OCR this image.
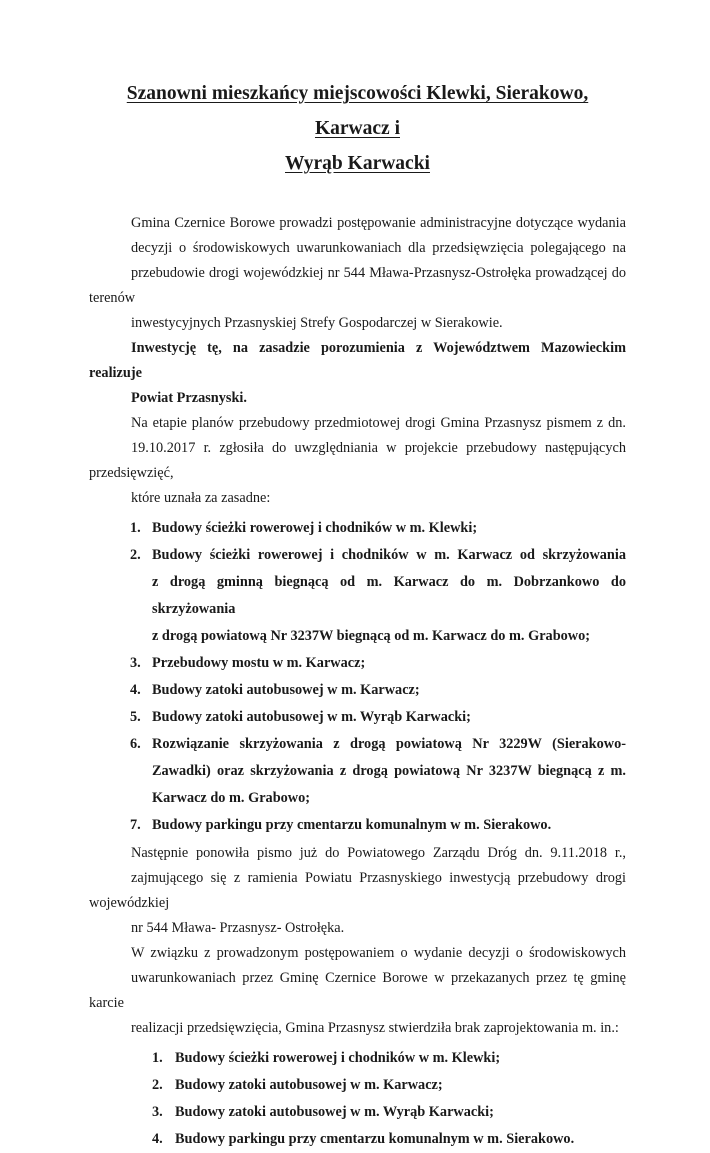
Szanowni mieszkańcy miejscowości Klewki, Sierakowo, Karwacz i
Wyrąb Karwacki

Gmina Czernice Borowe prowadzi postępowanie administracyjne dotyczące wydania
decyzji o środowiskowych uwarunkowaniach dla przedsięwzięcia polegającego na
przebudowie drogi wojewódzkiej nr 544 Mława-Przasnysz-Ostrołęka prowadzącej do terenów
inwestycyjnych Przasnyskiej Strefy Gospodarczej w Sierakowie.

Inwestycję tę, na zasadzie porozumienia z Województwem Mazowieckim realizuje
Powiat Przasnyski.

Na etapie planów przebudowy przedmiotowej drogi Gmina Przasnysz pismem z dn.
19.10.2017 r. zgłosiła do uwzględniania w projekcie przebudowy następujących przedsięwzięć,
które uznała za zasadne:

1. Budowy ścieżki rowerowej i chodników w m. Klewki;
2. Budowy ścieżki rowerowej i chodników w m. Karwacz od skrzyżowania
z drogą gminną biegnącą od m. Karwacz do m. Dobrzankowo do skrzyżowania
z drogą powiatową Nr 3237W biegnącą od m. Karwacz do m. Grabowo;
3. Przebudowy mostu w m. Karwacz;
4. Budowy zatoki autobusowej w m. Karwacz;
5. Budowy zatoki autobusowej w m. Wyrąb Karwacki;
6. Rozwiązanie skrzyżowania z drogą powiatową Nr 3229W (Sierakowo-
Zawadki) oraz skrzyżowania z drogą powiatową Nr 3237W biegnącą z m.
Karwacz do m. Grabowo;
7. Budowy parkingu przy cmentarzu komunalnym w m. Sierakowo.

Następnie ponowiła pismo już do Powiatowego Zarządu Dróg dn. 9.11.2018 r.,
zajmującego się z ramienia Powiatu Przasnyskiego inwestycją przebudowy drogi wojewódzkiej
nr 544 Mława- Przasnysz- Ostrołęka.

W związku z prowadzonym postępowaniem o wydanie decyzji o środowiskowych
uwarunkowaniach przez Gminę Czernice Borowe w przekazanych przez tę gminę karcie
realizacji przedsięwzięcia, Gmina Przasnysz stwierdziła brak zaprojektowania m. in.:

1. Budowy ścieżki rowerowej i chodników w m. Klewki;
2. Budowy zatoki autobusowej w m. Karwacz;
3. Budowy zatoki autobusowej w m. Wyrąb Karwacki;
4. Budowy parkingu przy cmentarzu komunalnym w m. Sierakowo.
